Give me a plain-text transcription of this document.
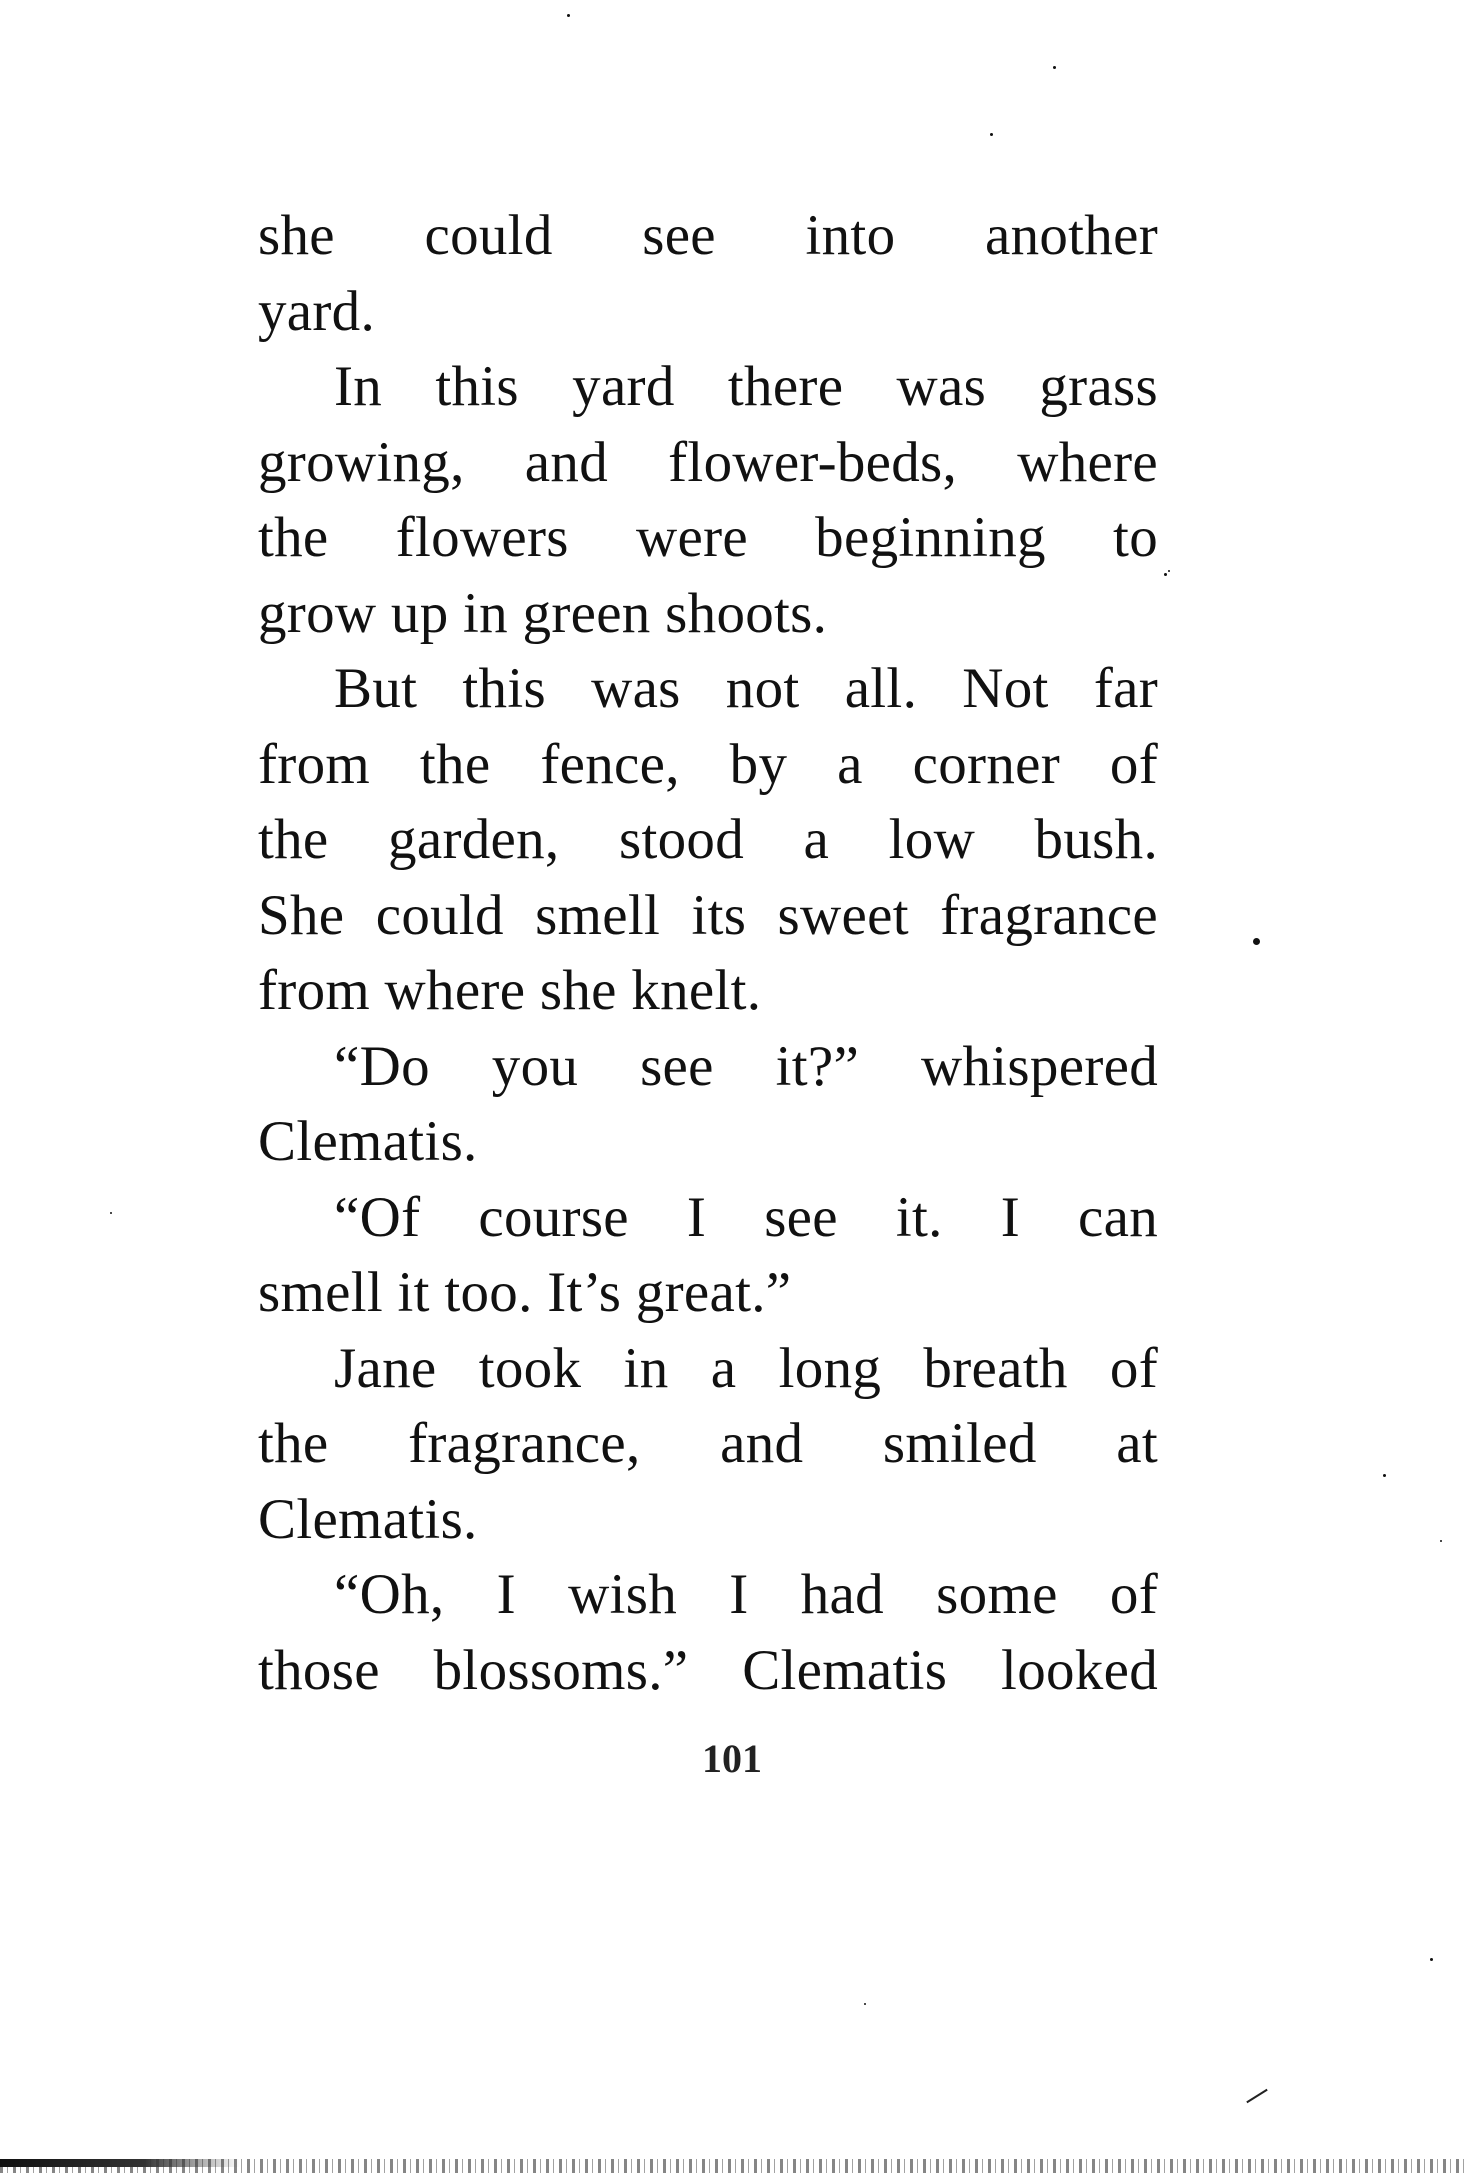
she could see into another
yard.
In this yard there was grass
growing, and flower-beds, where
the flowers were beginning to
grow up in green shoots.
But this was not all. Not far
from the fence, by a corner of
the garden, stood a low bush.
She could smell its sweet fragrance
from where she knelt.
“Do you see it?” whispered
Clematis.
“Of course I see it. I can
smell it too. It’s great.”
Jane took in a long breath of
the fragrance, and smiled at
Clematis.
“Oh, I wish I had some of
those blossoms.” Clematis looked
101
